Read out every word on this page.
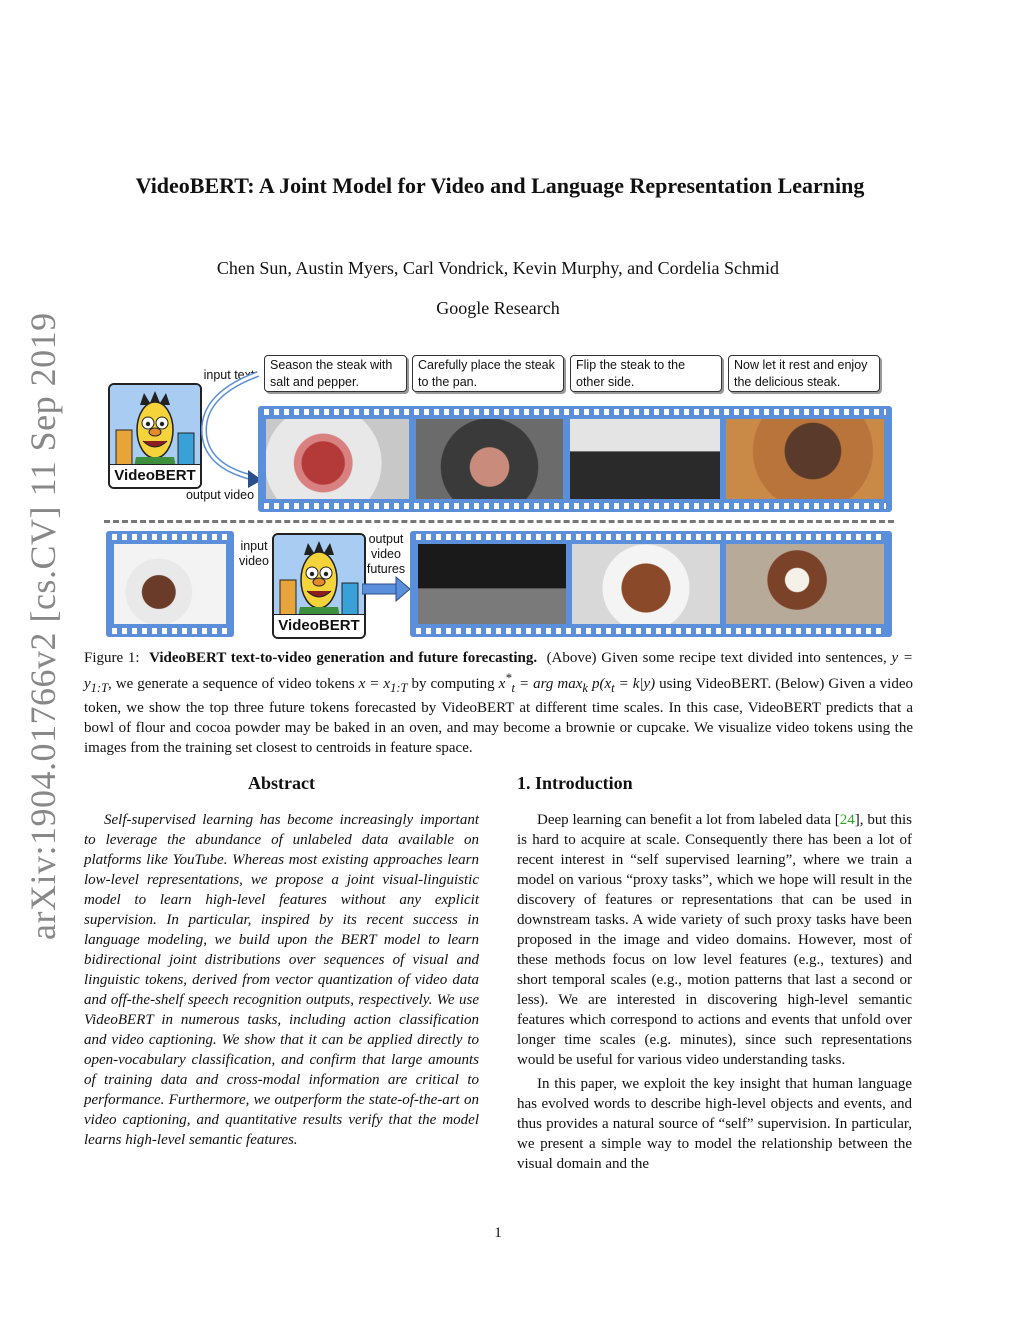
arXiv:1904.01766v2 [cs.CV] 11 Sep 2019
VideoBERT: A Joint Model for Video and Language Representation Learning
Chen Sun, Austin Myers, Carl Vondrick, Kevin Murphy, and Cordelia Schmid
Google Research
VideoBERT
input text
output video
Season the steak with salt and pepper.
Carefully place the steak to the pan.
Flip the steak to the other side.
Now let it rest and enjoy the delicious steak.
input
video
VideoBERT
output
video
futures
Figure 1: VideoBERT text-to-video generation and future forecasting. (Above) Given some recipe text divided into sentences, $y = y_{1:T}$, we generate a sequence of video tokens $x = x_{1:T}$ by computing $x^*_t$ = arg $\max_k p(x_t = k|y)$ using VideoBERT. (Below) Given a video token, we show the top three future tokens forecasted by VideoBERT at different time scales. In this case, VideoBERT predicts that a bowl of flour and cocoa powder may be baked in an oven, and may become a brownie or cupcake. We visualize video tokens using the images from the training set closest to centroids in feature space.
Abstract
Self-supervised learning has become increasingly important to leverage the abundance of unlabeled data available on platforms like YouTube. Whereas most existing approaches learn low-level representations, we propose a joint visual-linguistic model to learn high-level features without any explicit supervision. In particular, inspired by its recent success in language modeling, we build upon the BERT model to learn bidirectional joint distributions over sequences of visual and linguistic tokens, derived from vector quantization of video data and off-the-shelf speech recognition outputs, respectively. We use VideoBERT in numerous tasks, including action classification and video captioning. We show that it can be applied directly to open-vocabulary classification, and confirm that large amounts of training data and cross-modal information are critical to performance. Furthermore, we outperform the state-of-the-art on video captioning, and quantitative results verify that the model learns high-level semantic features.
1. Introduction

Deep learning can benefit a lot from labeled data [24], but this is hard to acquire at scale. Consequently there has been a lot of recent interest in “self supervised learning”, where we train a model on various “proxy tasks”, which we hope will result in the discovery of features or representations that can be used in downstream tasks. A wide variety of such proxy tasks have been proposed in the image and video domains. However, most of these methods focus on low level features (e.g., textures) and short temporal scales (e.g., motion patterns that last a second or less). We are interested in discovering high-level semantic features which correspond to actions and events that unfold over longer time scales (e.g. minutes), since such representations would be useful for various video understanding tasks.

In this paper, we exploit the key insight that human language has evolved words to describe high-level objects and events, and thus provides a natural source of “self” supervision. In particular, we present a simple way to model the relationship between the visual domain and the

1
